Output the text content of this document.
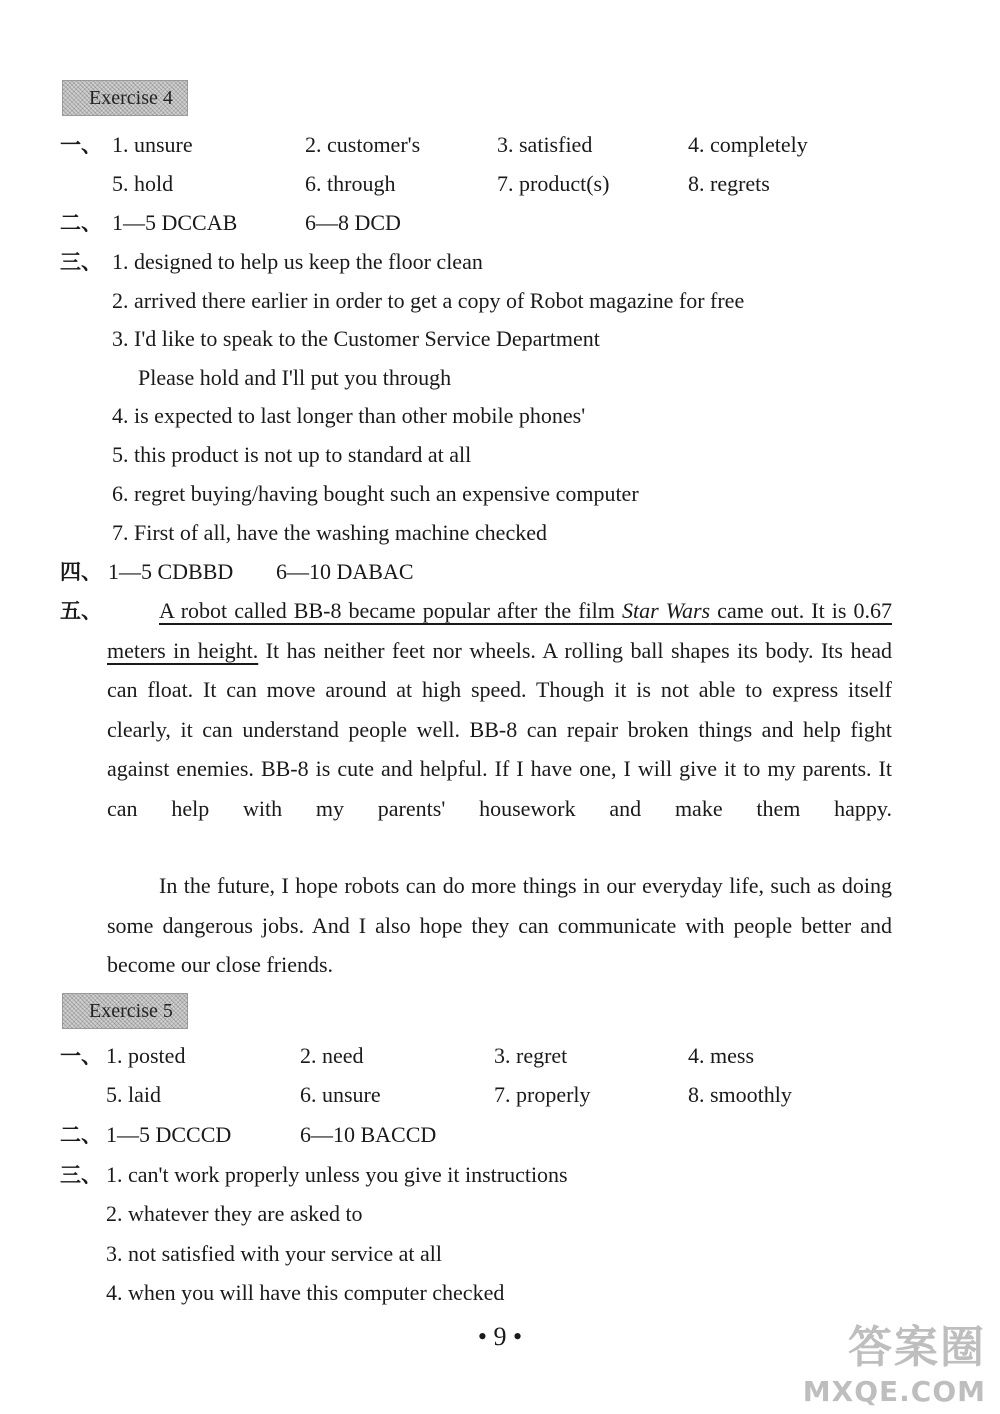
Exercise 4
一、 1. unsure	2. customer's	3. satisfied	4. completely
5. hold	6. through	7. product(s)	8. regrets
二、 1—5 DCCAB	6—8 DCD
三、 1. designed to help us keep the floor clean
2. arrived there earlier in order to get a copy of Robot magazine for free
3. I'd like to speak to the Customer Service Department
Please hold and I'll put you through
4. is expected to last longer than other mobile phones'
5. this product is not up to standard at all
6. regret buying/having bought such an expensive computer
7. First of all, have the washing machine checked
四、 1—5 CDBBD 6—10 DABAC
五、	A robot called BB-8 became popular after the film Star Wars came out. It is 0.67 meters in height. It has neither feet nor wheels. A rolling ball shapes its body. Its head can float. It can move around at high speed. Though it is not able to express itself clearly, it can understand people well. BB-8 can repair broken things and help fight against enemies. BB-8 is cute and helpful. If I have one, I will give it to my parents. It can help with my parents' housework and make them happy.
In the future, I hope robots can do more things in our everyday life, such as doing some dangerous jobs. And I also hope they can communicate with people better and become our close friends.
Exercise 5
一、 1. posted	2. need	3. regret	4. mess
5. laid	6. unsure	7. properly	8. smoothly
二、 1—5 DCCCD	6—10 BACCD
三、 1. can't work properly unless you give it instructions
2. whatever they are asked to
3. not satisfied with your service at all
4. when you will have this computer checked
• 9 •	答案圈
MXQE.COM
